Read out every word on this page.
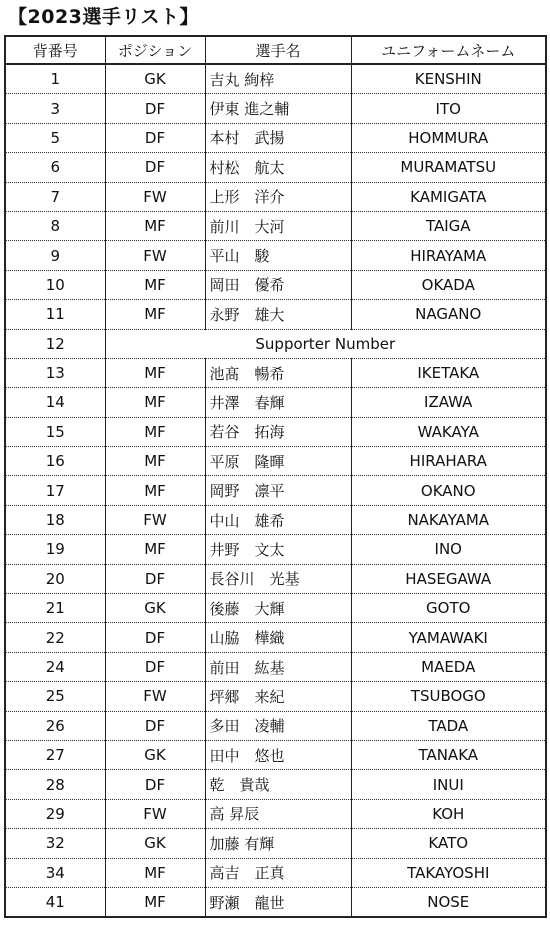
【2023選手リスト】
背番号	ポジション	選手名	ユニフォームネーム
1	GK	吉丸 絢梓	KENSHIN
3	DF	伊東 進之輔	ITO
5	DF	本村　武揚	HOMMURA
6	DF	村松　航太	MURAMATSU
7	FW	上形　洋介	KAMIGATA
8	MF	前川　大河	TAIGA
9	FW	平山　駿	HIRAYAMA
10	MF	岡田　優希	OKADA
11	MF	永野　雄大	NAGANO
12	Supporter Number		
13	MF	池髙　暢希	IKETAKA
14	MF	井澤　春輝	IZAWA
15	MF	若谷　拓海	WAKAYA
16	MF	平原　隆暉	HIRAHARA
17	MF	岡野　凛平	OKANO
18	FW	中山　雄希	NAKAYAMA
19	MF	井野　文太	INO
20	DF	長谷川　光基	HASEGAWA
21	GK	後藤　大輝	GOTO
22	DF	山脇　樺織	YAMAWAKI
24	DF	前田　紘基	MAEDA
25	FW	坪郷　来紀	TSUBOGO
26	DF	多田　凌輔	TADA
27	GK	田中　悠也	TANAKA
28	DF	乾　貴哉	INUI
29	FW	高 昇辰	KOH
32	GK	加藤 有輝	KATO
34	MF	高吉　正真	TAKAYOSHI
41	MF	野瀬　龍世	NOSE
